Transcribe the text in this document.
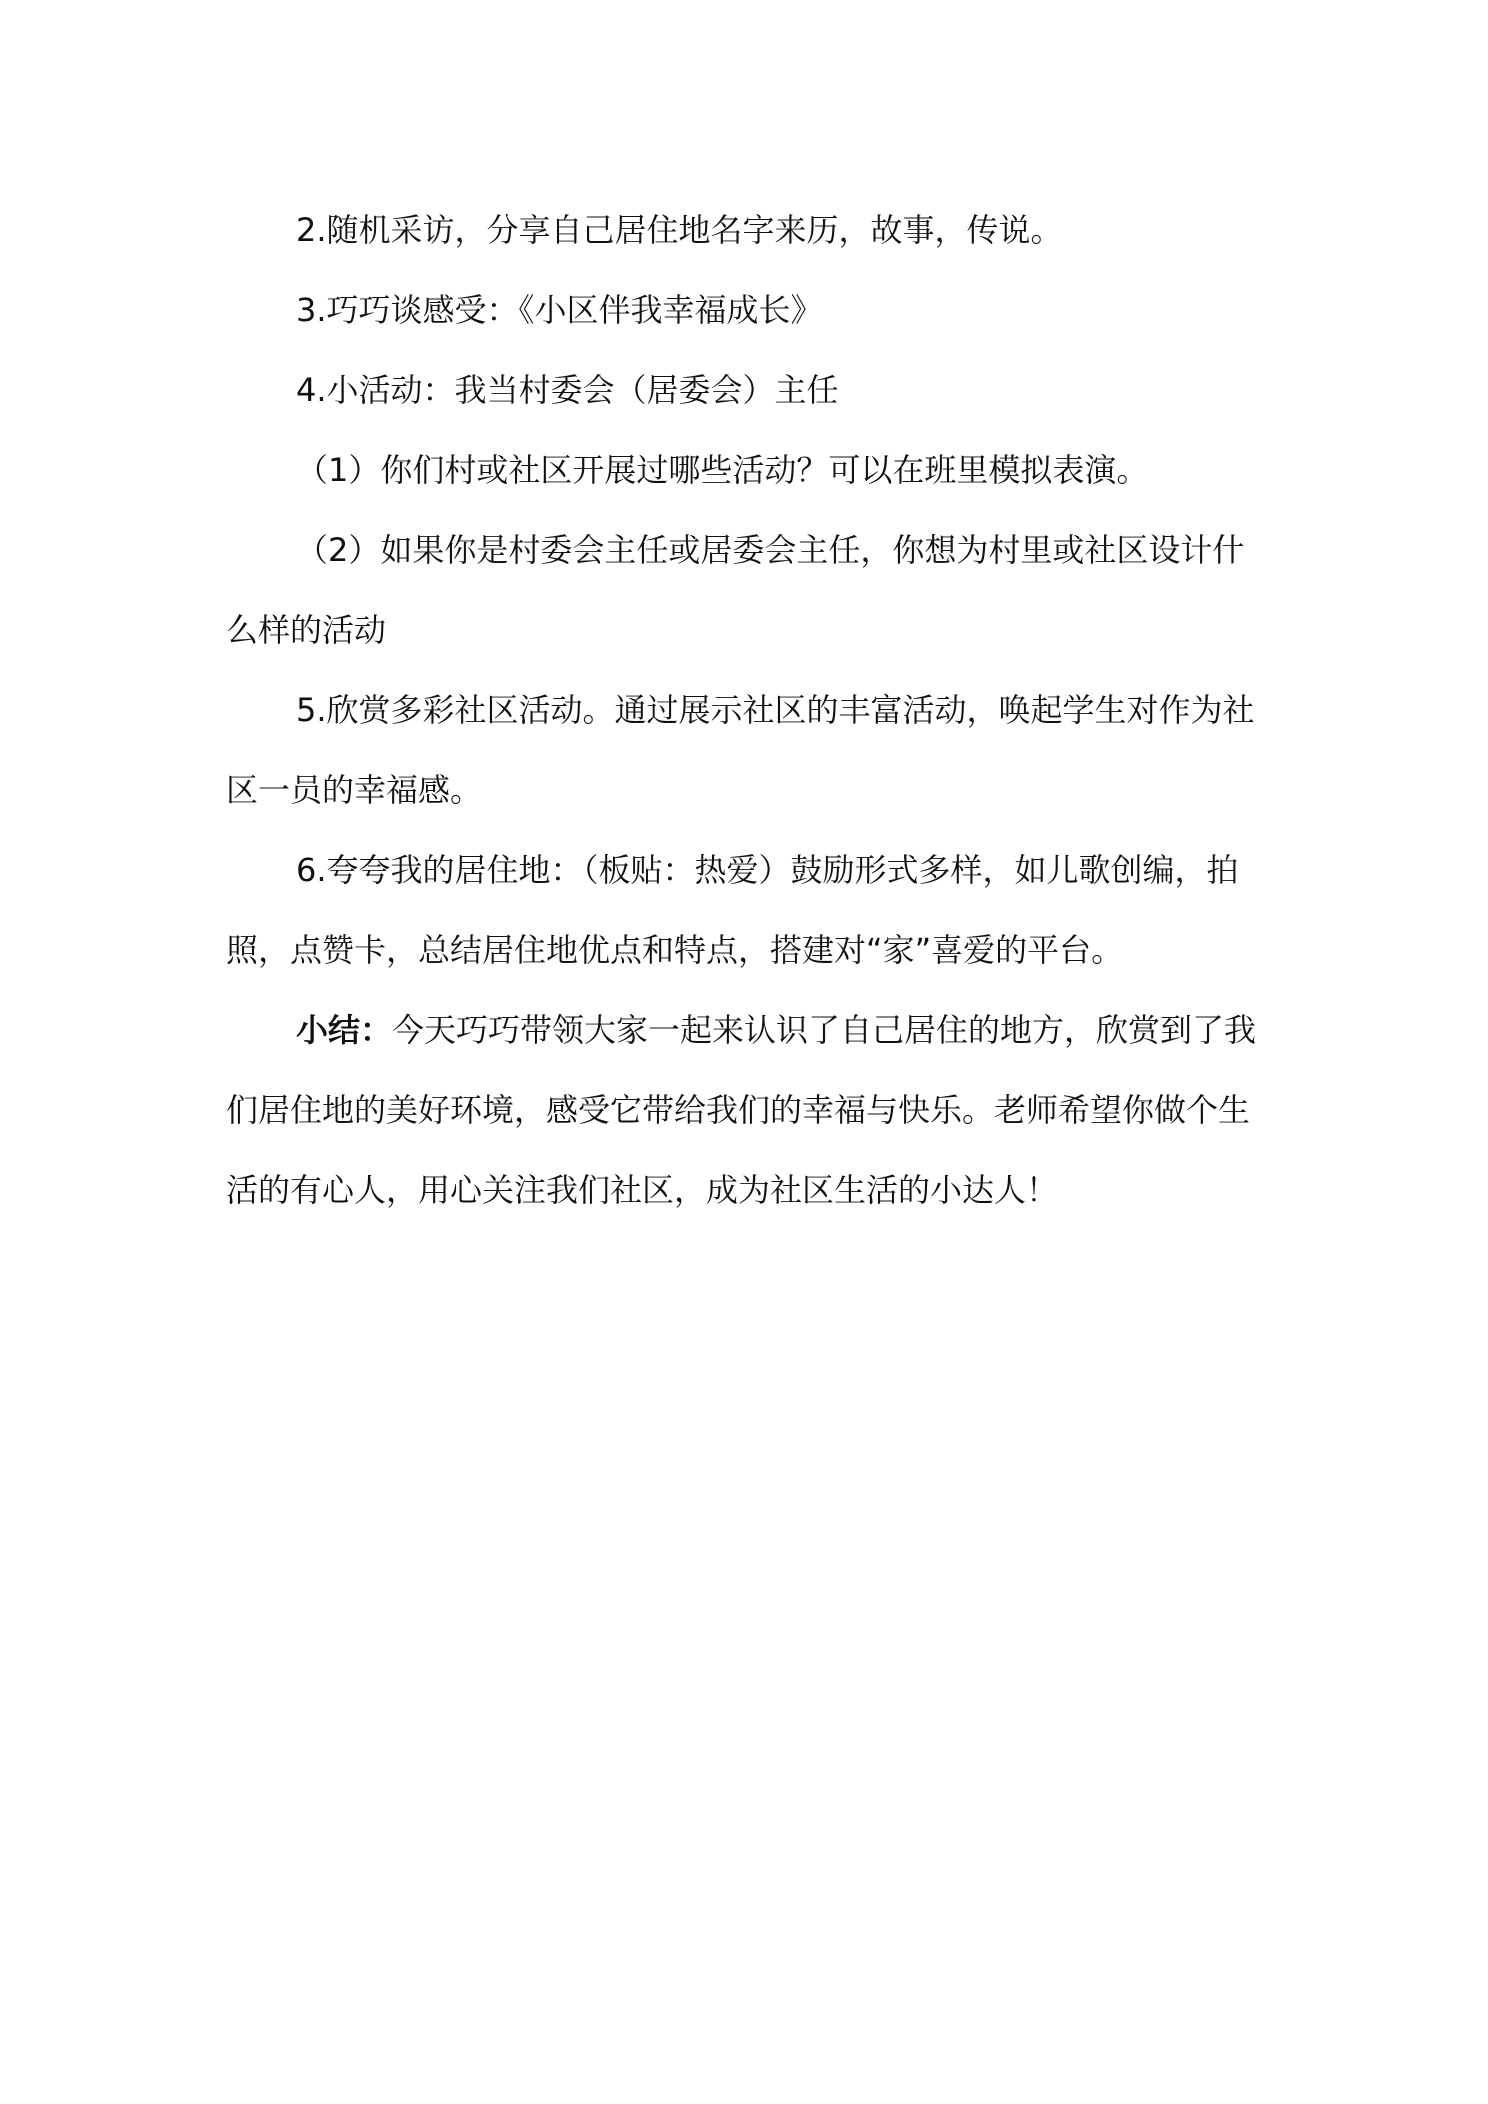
2.随机采访，分享自己居住地名字来历，故事，传说。

3.巧巧谈感受：《小区伴我幸福成长》

4.小活动：我当村委会（居委会）主任

（1）你们村或社区开展过哪些活动？可以在班里模拟表演。

（2）如果你是村委会主任或居委会主任，你想为村里或社区设计什么样的活动

5.欣赏多彩社区活动。通过展示社区的丰富活动，唤起学生对作为社区一员的幸福感。

6.夸夸我的居住地：（板贴：热爱）鼓励形式多样，如儿歌创编，拍照，点赞卡，总结居住地优点和特点，搭建对“家”喜爱的平台。

小结：今天巧巧带领大家一起来认识了自己居住的地方，欣赏到了我们居住地的美好环境，感受它带给我们的幸福与快乐。老师希望你做个生活的有心人，用心关注我们社区，成为社区生活的小达人！
